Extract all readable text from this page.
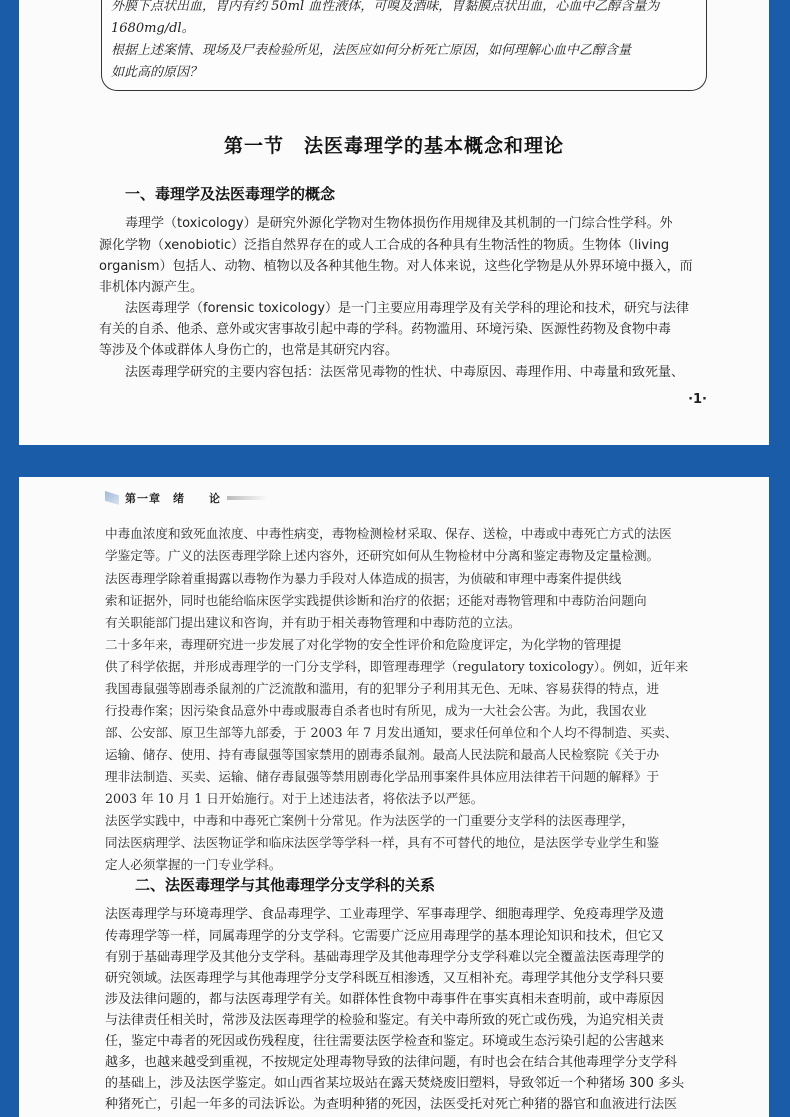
外膜下点状出血，胃内有约 50ml 血性液体，可嗅及酒味，胃黏膜点状出血，心血中乙醇含量为

1680mg/dl。

根据上述案情、现场及尸表检验所见，法医应如何分析死亡原因，如何理解心血中乙醇含量

如此高的原因？

第一节　法医毒理学的基本概念和理论

一、毒理学及法医毒理学的概念

毒理学（toxicology）是研究外源化学物对生物体损伤作用规律及其机制的一门综合性学科。外

源化学物（xenobiotic）泛指自然界存在的或人工合成的各种具有生物活性的物质。生物体（living

organism）包括人、动物、植物以及各种其他生物。对人体来说，这些化学物是从外界环境中摄入，而

非机体内源产生。

法医毒理学（forensic toxicology）是一门主要应用毒理学及有关学科的理论和技术，研究与法律

有关的自杀、他杀、意外或灾害事故引起中毒的学科。药物滥用、环境污染、医源性药物及食物中毒

等涉及个体或群体人身伤亡的，也常是其研究内容。

法医毒理学研究的主要内容包括：法医常见毒物的性状、中毒原因、毒理作用、中毒量和致死量、

·1·
第一章　绪　　论

中毒血浓度和致死血浓度、中毒性病变，毒物检测检材采取、保存、送检，中毒或中毒死亡方式的法医

学鉴定等。广义的法医毒理学除上述内容外，还研究如何从生物检材中分离和鉴定毒物及定量检测。

法医毒理学除着重揭露以毒物作为暴力手段对人体造成的损害，为侦破和审理中毒案件提供线

索和证据外，同时也能给临床医学实践提供诊断和治疗的依据；还能对毒物管理和中毒防治问题向

有关职能部门提出建议和咨询，并有助于相关毒物管理和中毒防范的立法。

二十多年来，毒理研究进一步发展了对化学物的安全性评价和危险度评定，为化学物的管理提

供了科学依据，并形成毒理学的一门分支学科，即管理毒理学（regulatory toxicology）。例如，近年来

我国毒鼠强等剧毒杀鼠剂的广泛流散和滥用，有的犯罪分子利用其无色、无味、容易获得的特点，进

行投毒作案；因污染食品意外中毒或服毒自杀者也时有所见，成为一大社会公害。为此，我国农业

部、公安部、原卫生部等九部委，于 2003 年 7 月发出通知，要求任何单位和个人均不得制造、买卖、

运输、储存、使用、持有毒鼠强等国家禁用的剧毒杀鼠剂。最高人民法院和最高人民检察院《关于办

理非法制造、买卖、运输、储存毒鼠强等禁用剧毒化学品刑事案件具体应用法律若干问题的解释》于

2003 年 10 月 1 日开始施行。对于上述违法者，将依法予以严惩。

法医学实践中，中毒和中毒死亡案例十分常见。作为法医学的一门重要分支学科的法医毒理学，

同法医病理学、法医物证学和临床法医学等学科一样，具有不可替代的地位，是法医学专业学生和鉴

定人必须掌握的一门专业学科。

二、法医毒理学与其他毒理学分支学科的关系

法医毒理学与环境毒理学、食品毒理学、工业毒理学、军事毒理学、细胞毒理学、免疫毒理学及遗

传毒理学等一样，同属毒理学的分支学科。它需要广泛应用毒理学的基本理论知识和技术，但它又

有别于基础毒理学及其他分支学科。基础毒理学及其他毒理学分支学科难以完全覆盖法医毒理学的

研究领域。法医毒理学与其他毒理学分支学科既互相渗透，又互相补充。毒理学其他分支学科只要

涉及法律问题的，都与法医毒理学有关。如群体性食物中毒事件在事实真相未查明前，或中毒原因

与法律责任相关时，常涉及法医毒理学的检验和鉴定。有关中毒所致的死亡或伤残，为追究相关责

任，鉴定中毒者的死因或伤残程度，往往需要法医学检查和鉴定。环境或生态污染引起的公害越来

越多，也越来越受到重视，不按规定处理毒物导致的法律问题，有时也会在结合其他毒理学分支学科

的基础上，涉及法医学鉴定。如山西省某垃圾站在露天焚烧废旧塑料，导致邻近一个种猪场 300 多头

种猪死亡，引起一年多的司法诉讼。为查明种猪的死因，法医受托对死亡种猪的器官和血液进行法医
